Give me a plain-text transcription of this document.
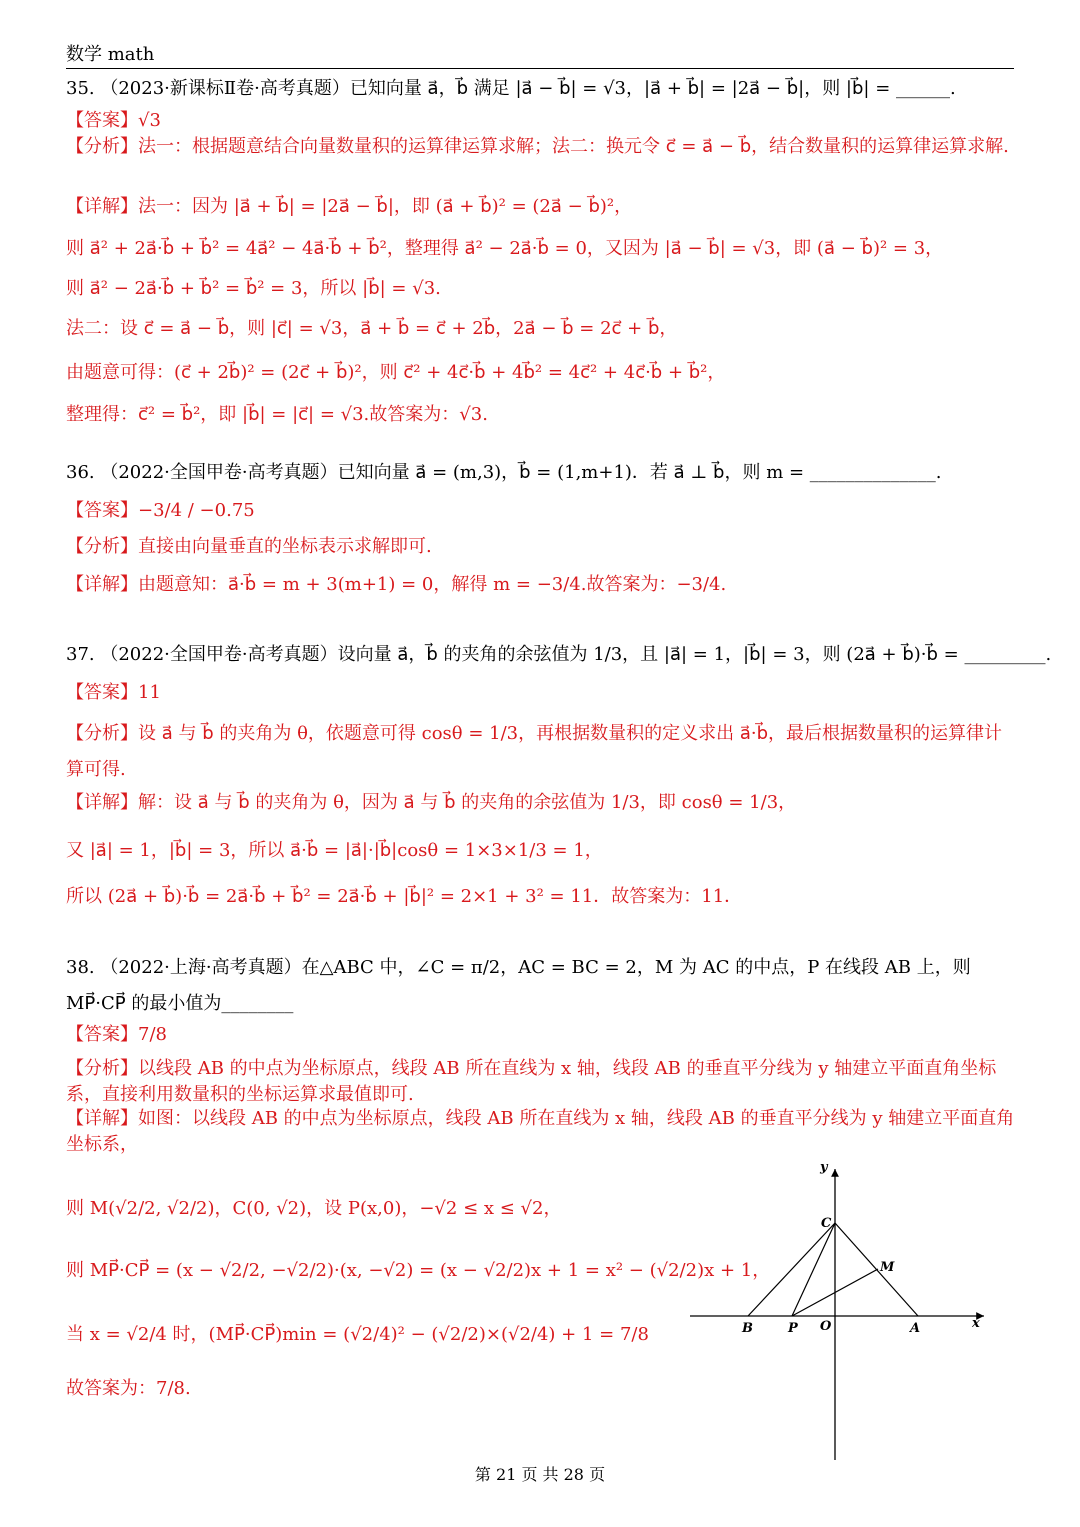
数学 math
35. （2023·新课标Ⅱ卷·高考真题）已知向量 a⃗，b⃗ 满足 |a⃗ − b⃗| = √3，|a⃗ + b⃗| = |2a⃗ − b⃗|，则 |b⃗| = ______.
【答案】√3
【分析】法一：根据题意结合向量数量积的运算律运算求解；法二：换元令 c⃗ = a⃗ − b⃗，结合数量积的运算律运算求解.
【详解】法一：因为 |a⃗ + b⃗| = |2a⃗ − b⃗|，即 (a⃗ + b⃗)² = (2a⃗ − b⃗)²，
则 a⃗² + 2a⃗·b⃗ + b⃗² = 4a⃗² − 4a⃗·b⃗ + b⃗²，整理得 a⃗² − 2a⃗·b⃗ = 0，又因为 |a⃗ − b⃗| = √3，即 (a⃗ − b⃗)² = 3，
则 a⃗² − 2a⃗·b⃗ + b⃗² = b⃗² = 3，所以 |b⃗| = √3.
法二：设 c⃗ = a⃗ − b⃗，则 |c⃗| = √3，a⃗ + b⃗ = c⃗ + 2b⃗，2a⃗ − b⃗ = 2c⃗ + b⃗，
由题意可得：(c⃗ + 2b⃗)² = (2c⃗ + b⃗)²，则 c⃗² + 4c⃗·b⃗ + 4b⃗² = 4c⃗² + 4c⃗·b⃗ + b⃗²，
整理得：c⃗² = b⃗²，即 |b⃗| = |c⃗| = √3.故答案为：√3.
36. （2022·全国甲卷·高考真题）已知向量 a⃗ = (m,3)，b⃗ = (1,m+1)．若 a⃗ ⊥ b⃗，则 m = ______________.
【答案】−3/4 / −0.75
【分析】直接由向量垂直的坐标表示求解即可.
【详解】由题意知：a⃗·b⃗ = m + 3(m+1) = 0，解得 m = −3/4.故答案为：−3/4.
37. （2022·全国甲卷·高考真题）设向量 a⃗，b⃗ 的夹角的余弦值为 1/3，且 |a⃗| = 1，|b⃗| = 3，则 (2a⃗ + b⃗)·b⃗ = _________.
【答案】11
【分析】设 a⃗ 与 b⃗ 的夹角为 θ，依题意可得 cosθ = 1/3，再根据数量积的定义求出 a⃗·b⃗，最后根据数量积的运算律计算可得.
【详解】解：设 a⃗ 与 b⃗ 的夹角为 θ，因为 a⃗ 与 b⃗ 的夹角的余弦值为 1/3，即 cosθ = 1/3，
又 |a⃗| = 1，|b⃗| = 3，所以 a⃗·b⃗ = |a⃗|·|b⃗|cosθ = 1×3×1/3 = 1，
所以 (2a⃗ + b⃗)·b⃗ = 2a⃗·b⃗ + b⃗² = 2a⃗·b⃗ + |b⃗|² = 2×1 + 3² = 11．故答案为：11．
38. （2022·上海·高考真题）在△ABC 中，∠C = π/2，AC = BC = 2，M 为 AC 的中点，P 在线段 AB 上，则 MP⃗·CP⃗ 的最小值为________
【答案】7/8
【分析】以线段 AB 的中点为坐标原点，线段 AB 所在直线为 x 轴，线段 AB 的垂直平分线为 y 轴建立平面直角坐标系，直接利用数量积的坐标运算求最值即可.
【详解】如图：以线段 AB 的中点为坐标原点，线段 AB 所在直线为 x 轴，线段 AB 的垂直平分线为 y 轴建立平面直角坐标系，
则 M(√2/2, √2/2)，C(0, √2)，设 P(x,0)，−√2 ≤ x ≤ √2，
则 MP⃗·CP⃗ = (x − √2/2, −√2/2)·(x, −√2) = (x − √2/2)x + 1 = x² − (√2/2)x + 1，
当 x = √2/4 时，(MP⃗·CP⃗)min = (√2/4)² − (√2/2)×(√2/4) + 1 = 7/8
故答案为：7/8.
y
x
C
M
B	P O	A
第 21 页 共 28 页
